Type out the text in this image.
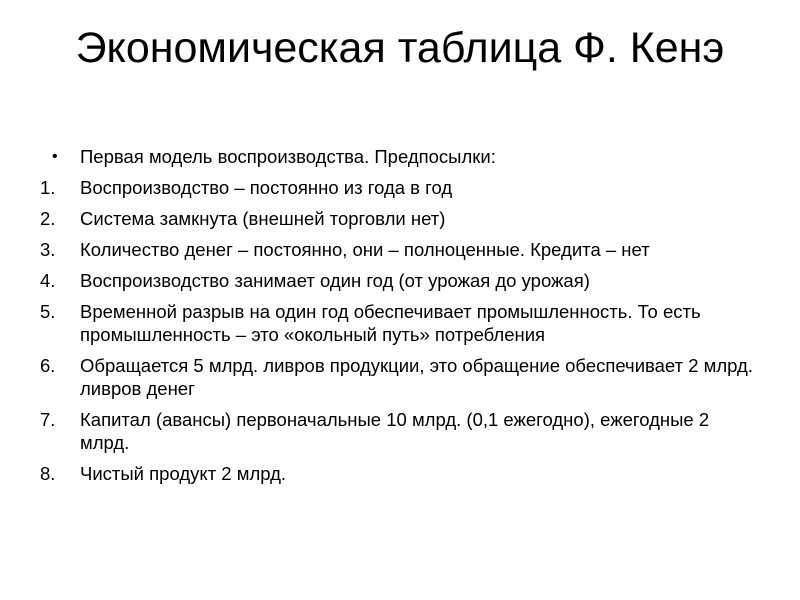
Экономическая таблица Ф. Кенэ
•	Первая модель воспроизводства. Предпосылки:
1.	Воспроизводство – постоянно из года в год
2.	Система замкнута (внешней торговли нет)
3.	Количество денег – постоянно, они – полноценные. Кредита – нет
4.	Воспроизводство занимает один год (от урожая до урожая)
5.	Временной разрыв на один год обеспечивает промышленность. То есть промышленность – это «окольный путь» потребления
6.	Обращается 5 млрд. ливров продукции, это обращение обеспечивает 2 млрд. ливров денег
7.	Капитал (авансы) первоначальные 10 млрд. (0,1 ежегодно), ежегодные 2 млрд.
8.	Чистый продукт 2 млрд.
